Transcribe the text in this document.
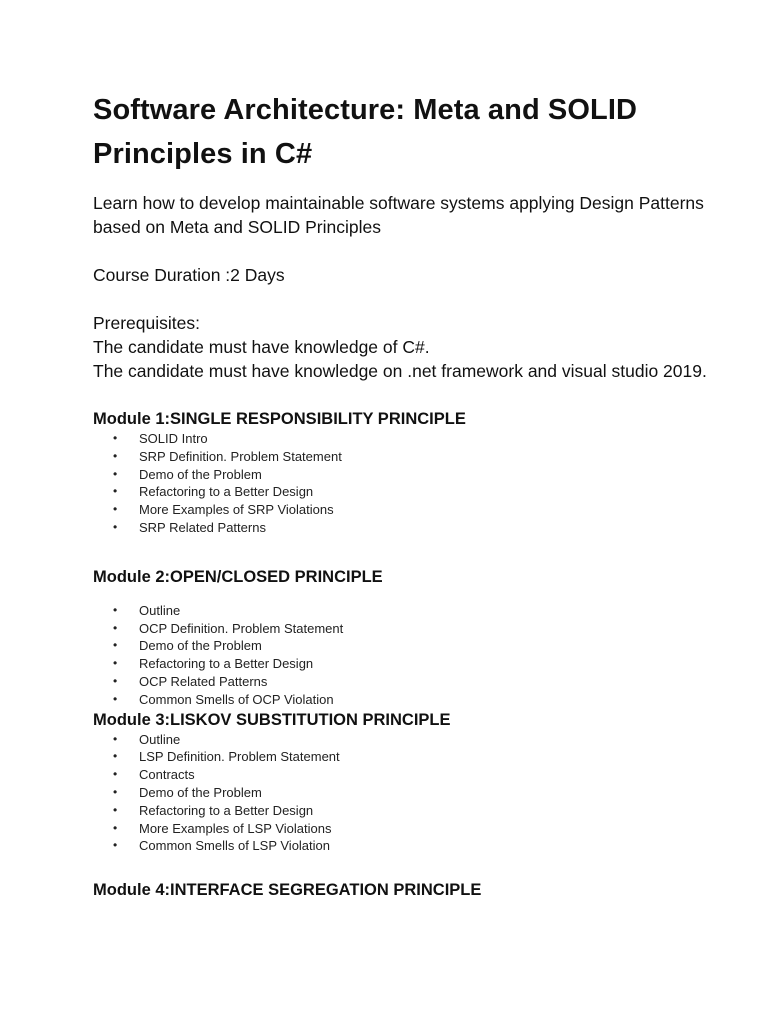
Software Architecture: Meta and SOLID Principles in C#

Learn how to develop maintainable software systems applying Design Patterns based on Meta and SOLID Principles

Course Duration :2 Days

Prerequisites:

The candidate must have knowledge of C#.

The candidate must have knowledge on .net framework and visual studio 2019.

Module 1:SINGLE RESPONSIBILITY PRINCIPLE
• SOLID Intro
• SRP Definition. Problem Statement
• Demo of the Problem
• Refactoring to a Better Design
• More Examples of SRP Violations
• SRP Related Patterns
Module 2:OPEN/CLOSED PRINCIPLE
• Outline
• OCP Definition. Problem Statement
• Demo of the Problem
• Refactoring to a Better Design
• OCP Related Patterns
• Common Smells of OCP Violation
Module 3:LISKOV SUBSTITUTION PRINCIPLE
• Outline
• LSP Definition. Problem Statement
• Contracts
• Demo of the Problem
• Refactoring to a Better Design
• More Examples of LSP Violations
• Common Smells of LSP Violation
Module 4:INTERFACE SEGREGATION PRINCIPLE
